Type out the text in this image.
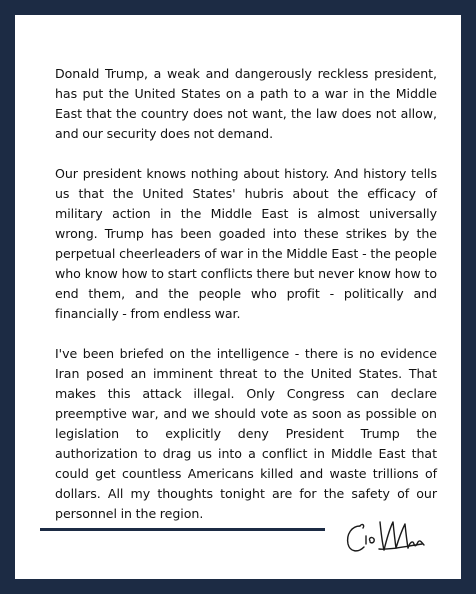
Donald Trump, a weak and dangerously reckless president, has put the United States on a path to a war in the Middle East that the country does not want, the law does not allow, and our security does not demand.

Our president knows nothing about history. And history tells us that the United States' hubris about the efficacy of military action in the Middle East is almost universally wrong. Trump has been goaded into these strikes by the perpetual cheerleaders of war in the Middle East - the people who know how to start conflicts there but never know how to end them, and the people who profit - politically and financially - from endless war.

I've been briefed on the intelligence - there is no evidence Iran posed an imminent threat to the United States. That makes this attack illegal. Only Congress can declare preemptive war, and we should vote as soon as possible on legislation to explicitly deny President Trump the authorization to drag us into a conflict in Middle East that could get countless Americans killed and waste trillions of dollars. All my thoughts tonight are for the safety of our personnel in the region.
